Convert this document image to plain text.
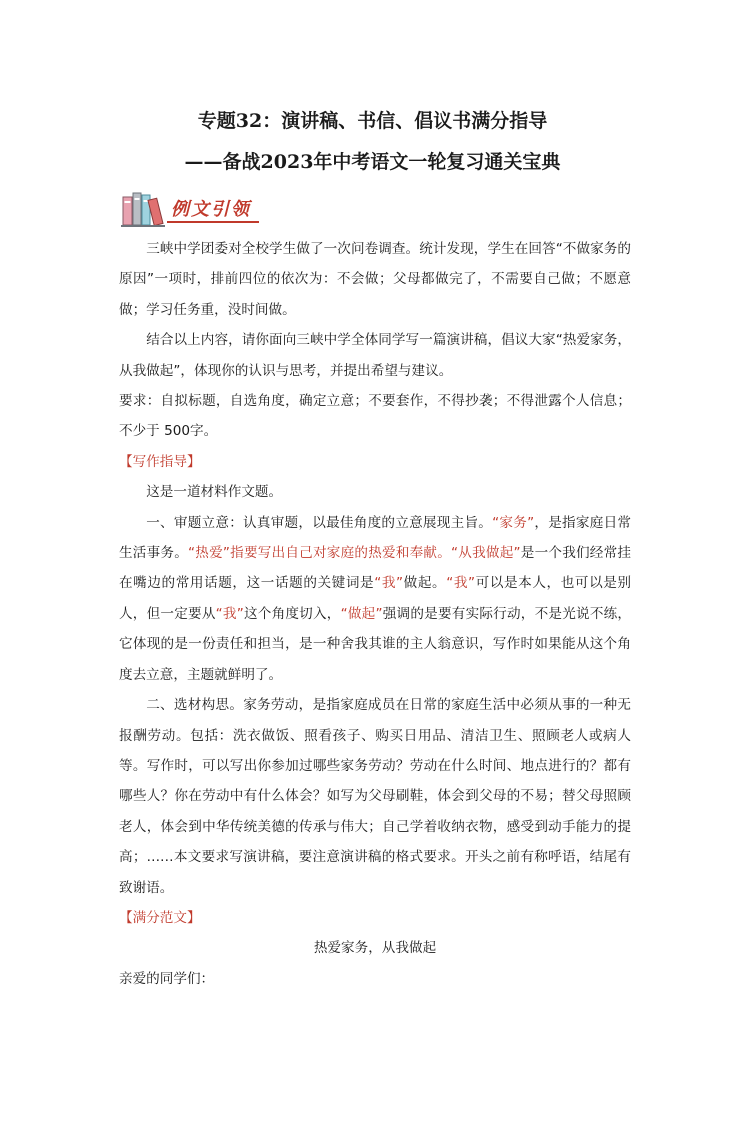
专题32：演讲稿、书信、倡议书满分指导
——备战2023年中考语文一轮复习通关宝典
例文引领

三峡中学团委对全校学生做了一次问卷调查。统计发现，学生在回答“不做家务的原因”一项时，排前四位的依次为：不会做；父母都做完了，不需要自己做；不愿意做；学习任务重，没时间做。

结合以上内容，请你面向三峡中学全体同学写一篇演讲稿，倡议大家“热爱家务，从我做起”，体现你的认识与思考，并提出希望与建议。

要求：自拟标题，自选角度，确定立意；不要套作，不得抄袭；不得泄露个人信息；不少于 500字。

【写作指导】

这是一道材料作文题。

一、审题立意：认真审题，以最佳角度的立意展现主旨。“家务”，是指家庭日常生活事务。“热爱”指要写出自己对家庭的热爱和奉献。“从我做起”是一个我们经常挂在嘴边的常用话题，这一话题的关键词是“我”做起。“我”可以是本人，也可以是别人，但一定要从“我”这个角度切入，“做起”强调的是要有实际行动，不是光说不练，它体现的是一份责任和担当，是一种舍我其谁的主人翁意识，写作时如果能从这个角度去立意，主题就鲜明了。

二、选材构思。家务劳动，是指家庭成员在日常的家庭生活中必须从事的一种无报酬劳动。包括：洗衣做饭、照看孩子、购买日用品、清洁卫生、照顾老人或病人等。写作时，可以写出你参加过哪些家务劳动？劳动在什么时间、地点进行的？都有哪些人？你在劳动中有什么体会？如写为父母刷鞋，体会到父母的不易；替父母照顾老人，体会到中华传统美德的传承与伟大；自己学着收纳衣物，感受到动手能力的提高；……本文要求写演讲稿，要注意演讲稿的格式要求。开头之前有称呼语，结尾有致谢语。

【满分范文】

热爱家务，从我做起

亲爱的同学们：
